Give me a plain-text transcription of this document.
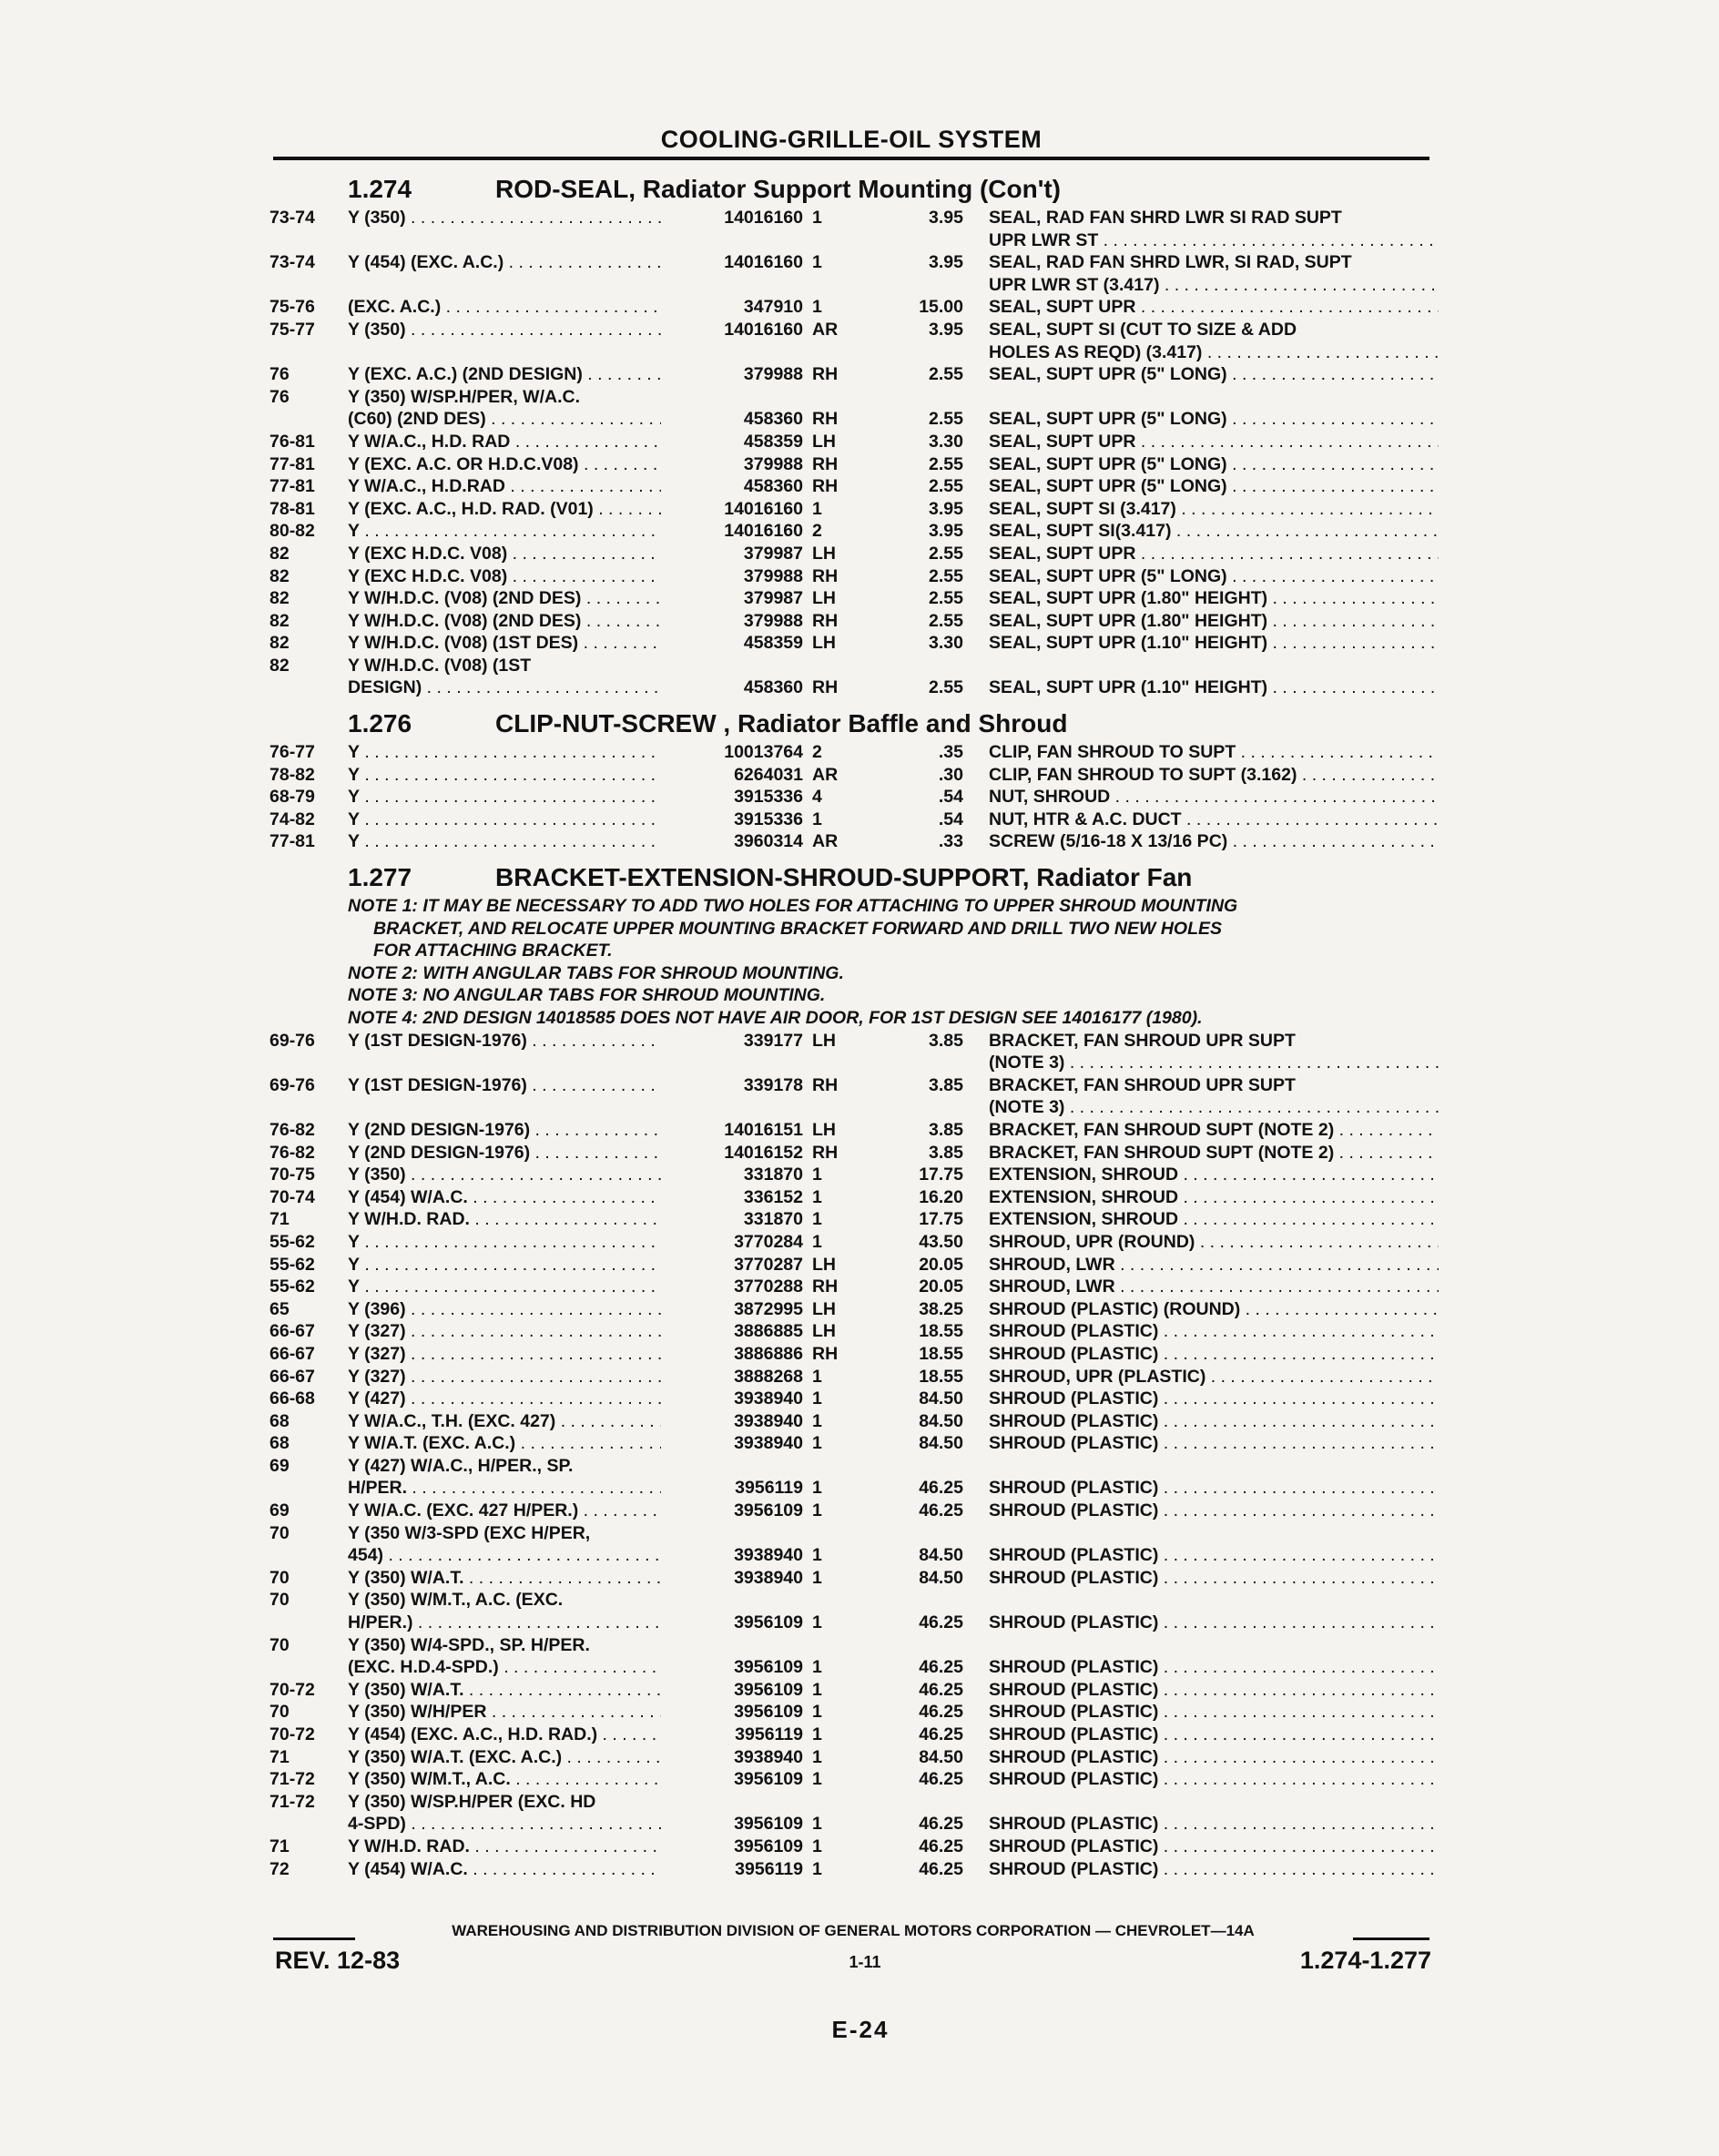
COOLING-GRILLE-OIL SYSTEM
1.274	ROD-SEAL, Radiator Support Mounting (Con't)
73-74	Y (350) . . .	14016160 1	3.95 SEAL, RAD FAN SHRD LWR SI RAD SUPT
UPR LWR ST . . .
73-74	Y (454) (EXC. A.C.) . . .	14016160 1	3.95 SEAL, RAD FAN SHRD LWR, SI RAD, SUPT
UPR LWR ST (3.417) . . .
75-76	(EXC. A.C.) . . .	347910 1	15.00 SEAL, SUPT UPR . . .
75-77	Y (350) . . .	14016160 AR	3.95 SEAL, SUPT SI (CUT TO SIZE & ADD
HOLES AS REQD) (3.417) . . .
76	Y (EXC. A.C.) (2ND DESIGN) . . .	379988 RH	2.55 SEAL, SUPT UPR (5" LONG) . . .
76	Y (350) W/SP.H/PER, W/A.C.
(C60) (2ND DES) . . .	458360 RH	2.55 SEAL, SUPT UPR (5" LONG) . . .
76-81	Y W/A.C., H.D. RAD . . .	458359 LH	3.30 SEAL, SUPT UPR . . .
77-81	Y (EXC. A.C. OR H.D.C.V08) . . .	379988 RH	2.55 SEAL, SUPT UPR (5" LONG) . . .
77-81	Y W/A.C., H.D.RAD . . .	458360 RH	2.55 SEAL, SUPT UPR (5" LONG) . . .
78-81	Y (EXC. A.C., H.D. RAD. (V01) . . .	14016160 1	3.95 SEAL, SUPT SI (3.417) . . .
80-82	Y . . .	14016160 2	3.95 SEAL, SUPT SI(3.417) . . .
82	Y (EXC H.D.C. V08) . . .	379987 LH	2.55 SEAL, SUPT UPR . . .
82	Y (EXC H.D.C. V08) . . .	379988 RH	2.55 SEAL, SUPT UPR (5" LONG) . . .
82	Y W/H.D.C. (V08) (2ND DES) . . .	379987 LH	2.55 SEAL, SUPT UPR (1.80" HEIGHT) . . .
82	Y W/H.D.C. (V08) (2ND DES) . . .	379988 RH	2.55 SEAL, SUPT UPR (1.80" HEIGHT) . . .
82	Y W/H.D.C. (V08) (1ST DES) . . .	458359 LH	3.30 SEAL, SUPT UPR (1.10" HEIGHT) . . .
82	Y W/H.D.C. (V08) (1ST
DESIGN) . . .	458360 RH	2.55 SEAL, SUPT UPR (1.10" HEIGHT) . . .
1.276	CLIP-NUT-SCREW , Radiator Baffle and Shroud
76-77	Y . . .	10013764 2	.35 CLIP, FAN SHROUD TO SUPT . . .
78-82	Y . . .	6264031 AR	.30 CLIP, FAN SHROUD TO SUPT (3.162) . . .
68-79	Y . . .	3915336 4	.54 NUT, SHROUD . . .
74-82	Y . . .	3915336 1	.54 NUT, HTR & A.C. DUCT . . .
77-81	Y . . .	3960314 AR	.33 SCREW (5/16-18 X 13/16 PC) . . .
1.277	BRACKET-EXTENSION-SHROUD-SUPPORT, Radiator Fan
NOTE 1: IT MAY BE NECESSARY TO ADD TWO HOLES FOR ATTACHING TO UPPER SHROUD MOUNTING
BRACKET, AND RELOCATE UPPER MOUNTING BRACKET FORWARD AND DRILL TWO NEW HOLES
FOR ATTACHING BRACKET.
NOTE 2: WITH ANGULAR TABS FOR SHROUD MOUNTING.
NOTE 3: NO ANGULAR TABS FOR SHROUD MOUNTING.
NOTE 4: 2ND DESIGN 14018585 DOES NOT HAVE AIR DOOR, FOR 1ST DESIGN SEE 14016177 (1980).
69-76	Y (1ST DESIGN-1976) . . .	339177 LH	3.85 BRACKET, FAN SHROUD UPR SUPT
(NOTE 3) . . .
69-76	Y (1ST DESIGN-1976) . . .	339178 RH	3.85 BRACKET, FAN SHROUD UPR SUPT
(NOTE 3) . . .
76-82	Y (2ND DESIGN-1976) . . .	14016151 LH	3.85 BRACKET, FAN SHROUD SUPT (NOTE 2) . . .
76-82	Y (2ND DESIGN-1976) . . .	14016152 RH	3.85 BRACKET, FAN SHROUD SUPT (NOTE 2) . . .
70-75	Y (350) . . .	331870 1	17.75 EXTENSION, SHROUD . . .
70-74	Y (454) W/A.C. . . .	336152 1	16.20 EXTENSION, SHROUD . . .
71	Y W/H.D. RAD. . . .	331870 1	17.75 EXTENSION, SHROUD . . .
55-62	Y . . .	3770284 1	43.50 SHROUD, UPR (ROUND) . . .
55-62	Y . . .	3770287 LH	20.05 SHROUD, LWR . . .
55-62	Y . . .	3770288 RH	20.05 SHROUD, LWR . . .
65	Y (396) . . .	3872995 LH	38.25 SHROUD (PLASTIC) (ROUND) . . .
66-67	Y (327) . . .	3886885 LH	18.55 SHROUD (PLASTIC) . . .
66-67	Y (327) . . .	3886886 RH	18.55 SHROUD (PLASTIC) . . .
66-67	Y (327) . . .	3888268 1	18.55 SHROUD, UPR (PLASTIC) . . .
66-68	Y (427) . . .	3938940 1	84.50 SHROUD (PLASTIC) . . .
68	Y W/A.C., T.H. (EXC. 427) . . .	3938940 1	84.50 SHROUD (PLASTIC) . . .
68	Y W/A.T. (EXC. A.C.) . . .	3938940 1	84.50 SHROUD (PLASTIC) . . .
69	Y (427) W/A.C., H/PER., SP.
H/PER. . . .	3956119 1	46.25 SHROUD (PLASTIC) . . .
69	Y W/A.C. (EXC. 427 H/PER.) . . .	3956109 1	46.25 SHROUD (PLASTIC) . . .
70	Y (350 W/3-SPD (EXC H/PER,
454) . . .	3938940 1	84.50 SHROUD (PLASTIC) . . .
70	Y (350) W/A.T. . . .	3938940 1	84.50 SHROUD (PLASTIC) . . .
70	Y (350) W/M.T., A.C. (EXC.
H/PER.) . . .	3956109 1	46.25 SHROUD (PLASTIC) . . .
70	Y (350) W/4-SPD., SP. H/PER.
(EXC. H.D.4-SPD.) . . .	3956109 1	46.25 SHROUD (PLASTIC) . . .
70-72	Y (350) W/A.T. . . .	3956109 1	46.25 SHROUD (PLASTIC) . . .
70	Y (350) W/H/PER . . .	3956109 1	46.25 SHROUD (PLASTIC) . . .
70-72	Y (454) (EXC. A.C., H.D. RAD.) . . .	3956119 1	46.25 SHROUD (PLASTIC) . . .
71	Y (350) W/A.T. (EXC. A.C.) . . .	3938940 1	84.50 SHROUD (PLASTIC) . . .
71-72	Y (350) W/M.T., A.C. . . .	3956109 1	46.25 SHROUD (PLASTIC) . . .
71-72	Y (350) W/SP.H/PER (EXC. HD
4-SPD) . . .	3956109 1	46.25 SHROUD (PLASTIC) . . .
71	Y W/H.D. RAD. . . .	3956109 1	46.25 SHROUD (PLASTIC) . . .
72	Y (454) W/A.C. . . .	3956119 1	46.25 SHROUD (PLASTIC) . . .
WAREHOUSING AND DISTRIBUTION DIVISION OF GENERAL MOTORS CORPORATION — CHEVROLET—14A
REV. 12-83	1-11	1.274-1.277
E-24
